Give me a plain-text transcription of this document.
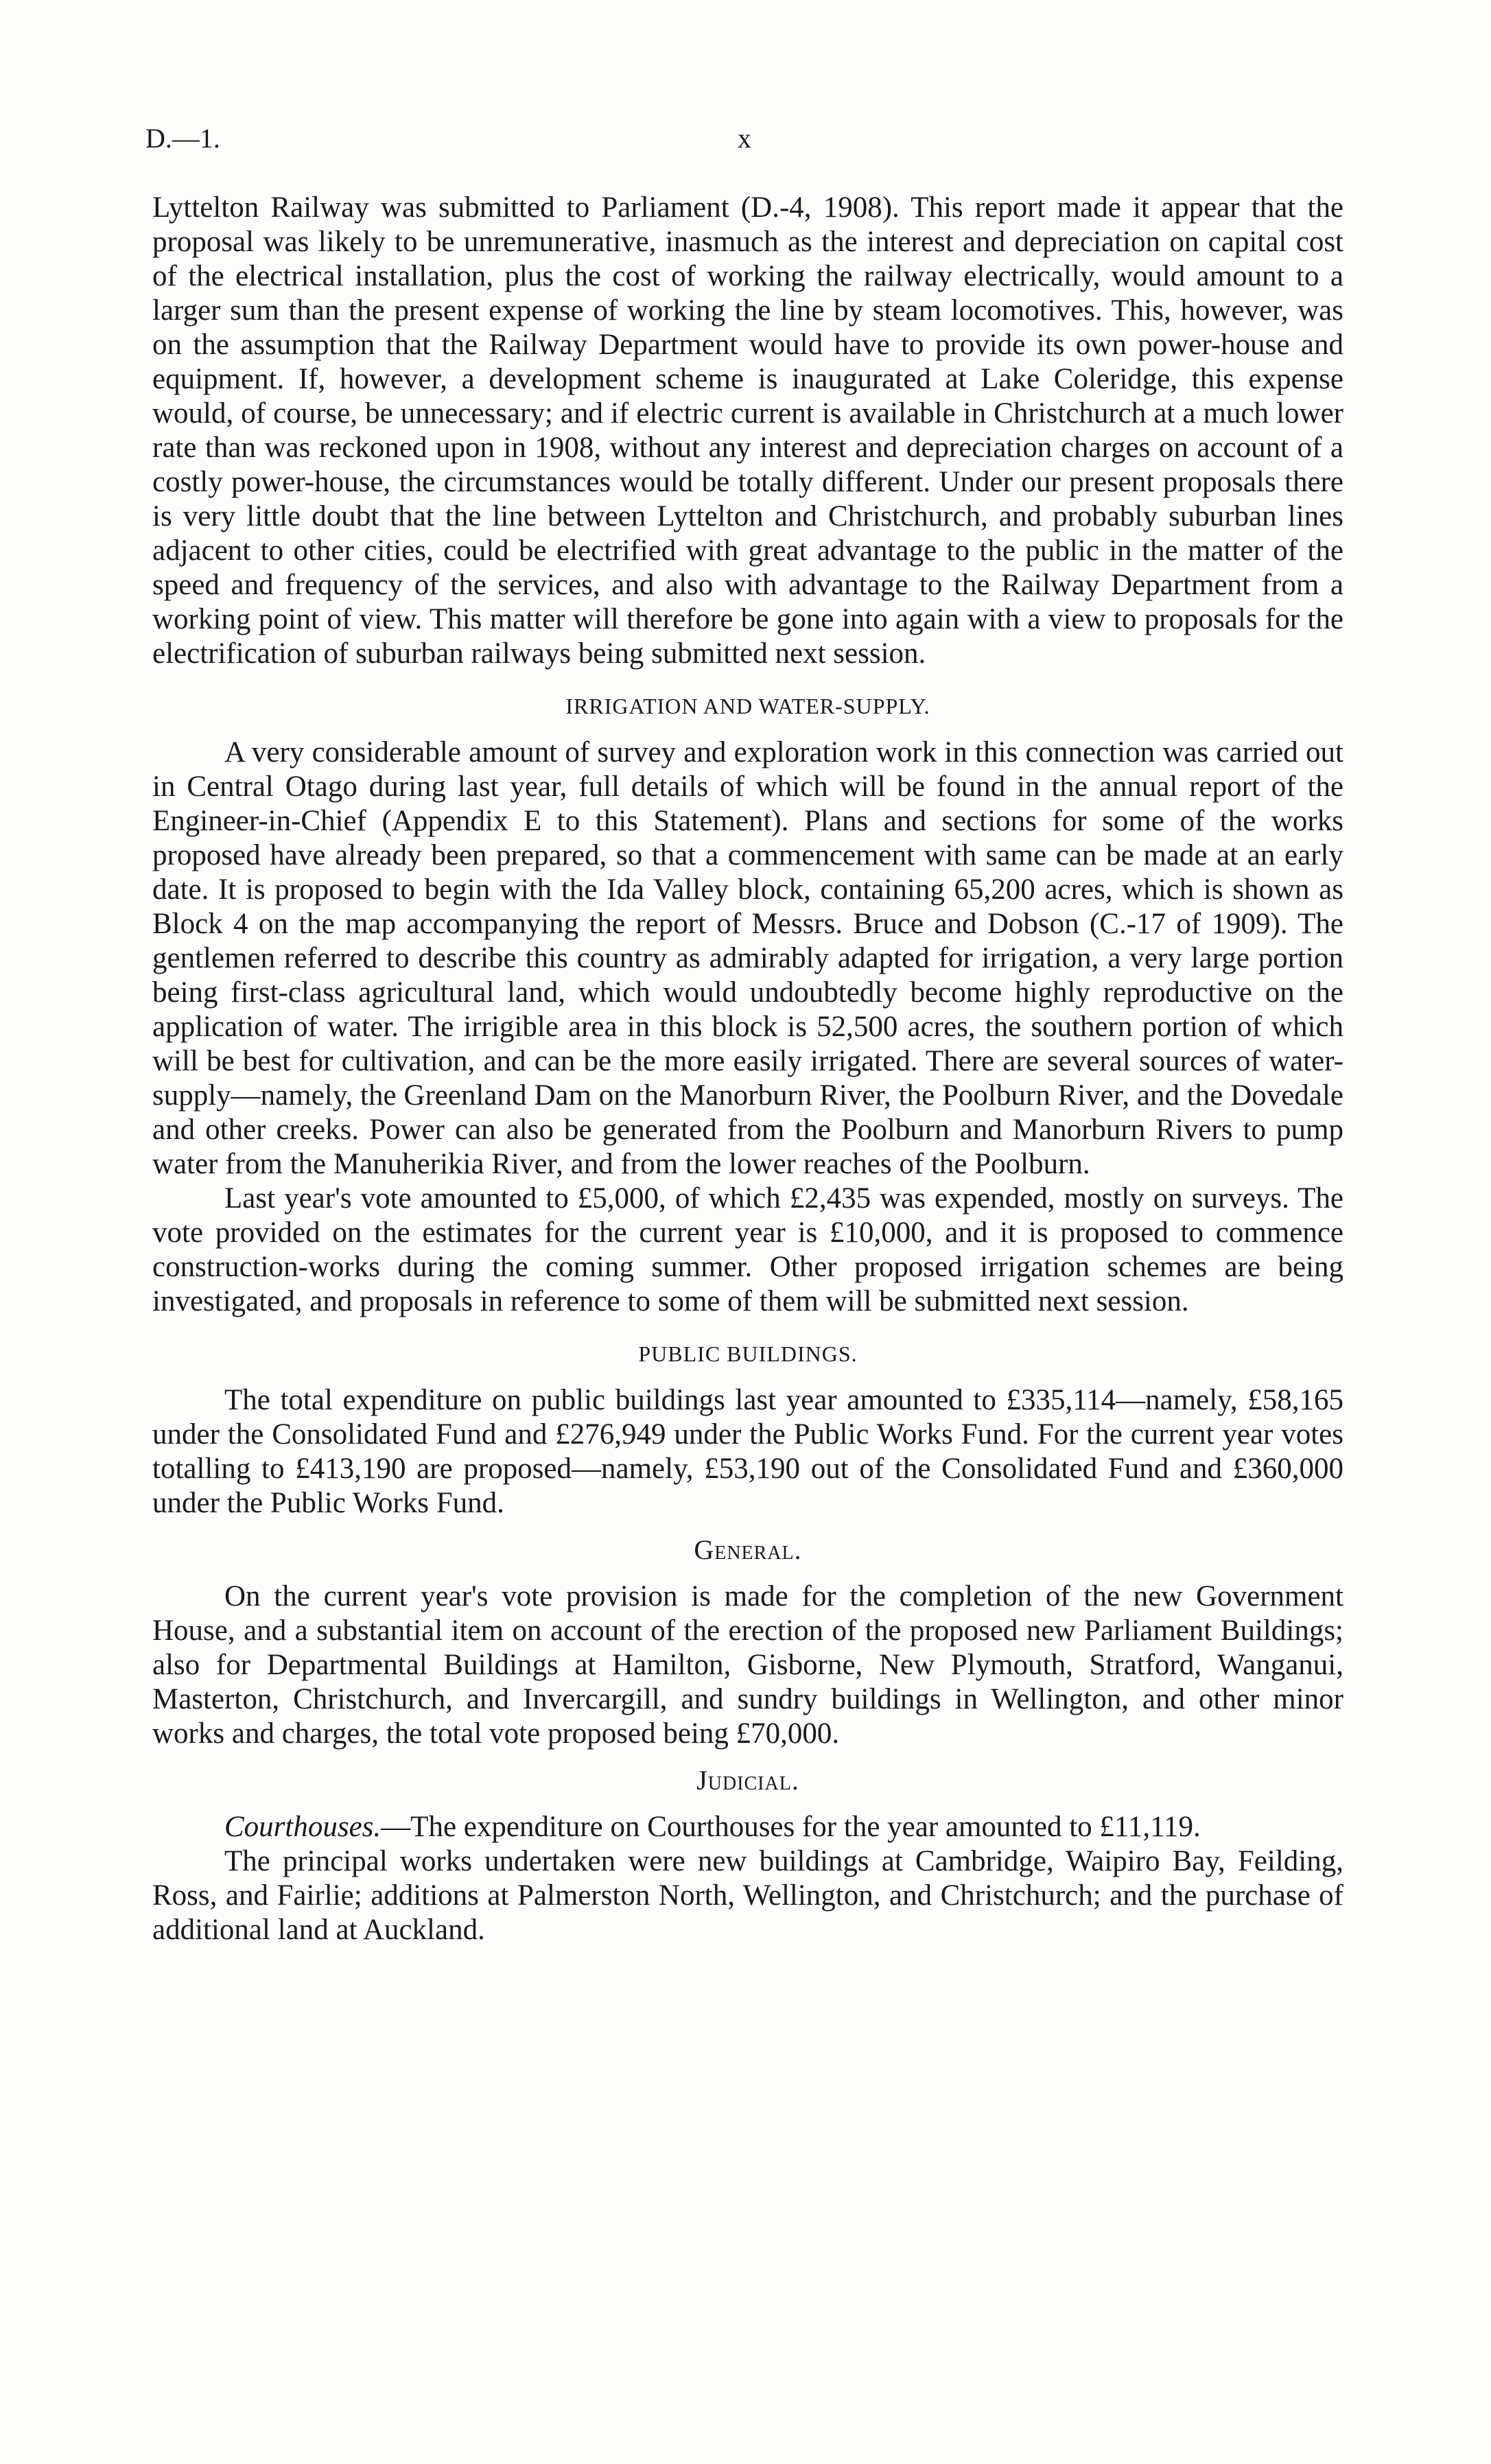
D.—1.	x

Lyttelton Railway was submitted to Parliament (D.-4, 1908). This report made it appear that the proposal was likely to be unremunerative, inasmuch as the interest and depreciation on capital cost of the electrical installation, plus the cost of working the railway electrically, would amount to a larger sum than the present expense of working the line by steam locomotives. This, however, was on the assumption that the Railway Department would have to provide its own power-house and equipment. If, however, a development scheme is inaugurated at Lake Coleridge, this expense would, of course, be unnecessary; and if electric current is available in Christchurch at a much lower rate than was reckoned upon in 1908, without any interest and depreciation charges on account of a costly power-house, the circumstances would be totally different. Under our present proposals there is very little doubt that the line between Lyttelton and Christchurch, and probably suburban lines adjacent to other cities, could be electrified with great advantage to the public in the matter of the speed and frequency of the services, and also with advantage to the Railway Department from a working point of view. This matter will therefore be gone into again with a view to proposals for the electrification of suburban railways being submitted next session.

IRRIGATION AND WATER-SUPPLY.

A very considerable amount of survey and exploration work in this connection was carried out in Central Otago during last year, full details of which will be found in the annual report of the Engineer-in-Chief (Appendix E to this Statement). Plans and sections for some of the works proposed have already been prepared, so that a commencement with same can be made at an early date. It is proposed to begin with the Ida Valley block, containing 65,200 acres, which is shown as Block 4 on the map accompanying the report of Messrs. Bruce and Dobson (C.-17 of 1909). The gentlemen referred to describe this country as admirably adapted for irrigation, a very large portion being first-class agricultural land, which would undoubtedly become highly reproductive on the application of water. The irrigible area in this block is 52,500 acres, the southern portion of which will be best for cultivation, and can be the more easily irrigated. There are several sources of water-supply—namely, the Greenland Dam on the Manorburn River, the Poolburn River, and the Dovedale and other creeks. Power can also be generated from the Poolburn and Manorburn Rivers to pump water from the Manuherikia River, and from the lower reaches of the Poolburn.

Last year's vote amounted to £5,000, of which £2,435 was expended, mostly on surveys. The vote provided on the estimates for the current year is £10,000, and it is proposed to commence construction-works during the coming summer. Other proposed irrigation schemes are being investigated, and proposals in reference to some of them will be submitted next session.

PUBLIC BUILDINGS.

The total expenditure on public buildings last year amounted to £335,114—namely, £58,165 under the Consolidated Fund and £276,949 under the Public Works Fund. For the current year votes totalling to £413,190 are proposed—namely, £53,190 out of the Consolidated Fund and £360,000 under the Public Works Fund.

General.

On the current year's vote provision is made for the completion of the new Government House, and a substantial item on account of the erection of the proposed new Parliament Buildings; also for Departmental Buildings at Hamilton, Gisborne, New Plymouth, Stratford, Wanganui, Masterton, Christchurch, and Invercargill, and sundry buildings in Wellington, and other minor works and charges, the total vote proposed being £70,000.

Judicial.

Courthouses.—The expenditure on Courthouses for the year amounted to £11,119.

The principal works undertaken were new buildings at Cambridge, Waipiro Bay, Feilding, Ross, and Fairlie; additions at Palmerston North, Wellington, and Christchurch; and the purchase of additional land at Auckland.
